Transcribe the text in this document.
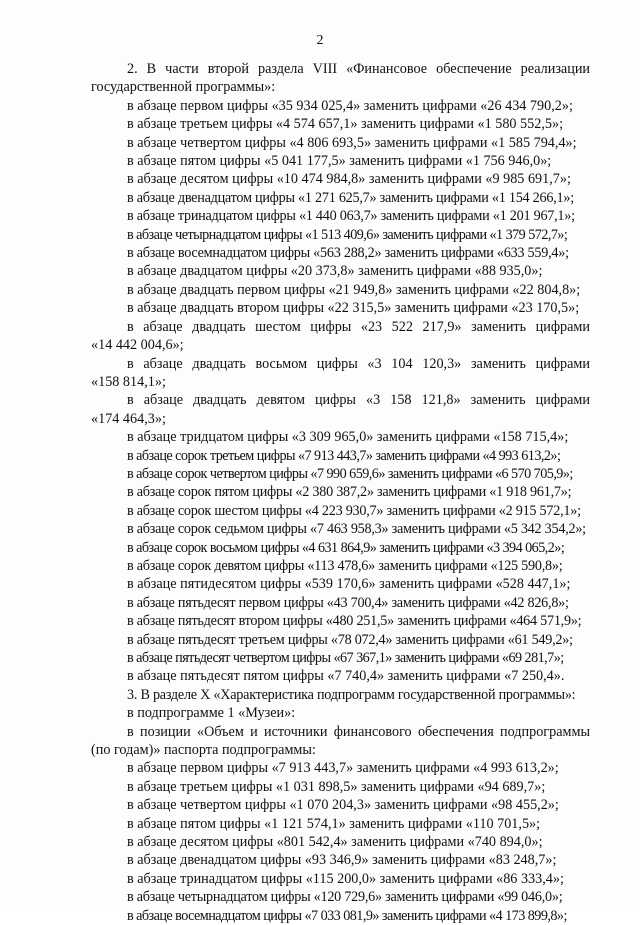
2
2. В части второй раздела VIII «Финансовое обеспечение реализации
государственной программы»:
в абзаце первом цифры «35 934 025,4» заменить цифрами «26 434 790,2»;
в абзаце третьем цифры «4 574 657,1» заменить цифрами «1 580 552,5»;
в абзаце четвертом цифры «4 806 693,5» заменить цифрами «1 585 794,4»;
в абзаце пятом цифры «5 041 177,5» заменить цифрами «1 756 946,0»;
в абзаце десятом цифры «10 474 984,8» заменить цифрами «9 985 691,7»;
в абзаце двенадцатом цифры «1 271 625,7» заменить цифрами «1 154 266,1»;
в абзаце тринадцатом цифры «1 440 063,7» заменить цифрами «1 201 967,1»;
в абзаце четырнадцатом цифры «1 513 409,6» заменить цифрами «1 379 572,7»;
в абзаце восемнадцатом цифры «563 288,2» заменить цифрами «633 559,4»;
в абзаце двадцатом цифры «20 373,8» заменить цифрами «88 935,0»;
в абзаце двадцать первом цифры «21 949,8» заменить цифрами «22 804,8»;
в абзаце двадцать втором цифры «22 315,5» заменить цифрами «23 170,5»;
в абзаце двадцать шестом цифры «23 522 217,9» заменить цифрами
«14 442 004,6»;
в абзаце двадцать восьмом цифры «3 104 120,3» заменить цифрами
«158 814,1»;
в абзаце двадцать девятом цифры «3 158 121,8» заменить цифрами
«174 464,3»;
в абзаце тридцатом цифры «3 309 965,0» заменить цифрами «158 715,4»;
в абзаце сорок третьем цифры «7 913 443,7» заменить цифрами «4 993 613,2»;
в абзаце сорок четвертом цифры «7 990 659,6» заменить цифрами «6 570 705,9»;
в абзаце сорок пятом цифры «2 380 387,2» заменить цифрами «1 918 961,7»;
в абзаце сорок шестом цифры «4 223 930,7» заменить цифрами «2 915 572,1»;
в абзаце сорок седьмом цифры «7 463 958,3» заменить цифрами «5 342 354,2»;
в абзаце сорок восьмом цифры «4 631 864,9» заменить цифрами «3 394 065,2»;
в абзаце сорок девятом цифры «113 478,6» заменить цифрами «125 590,8»;
в абзаце пятидесятом цифры «539 170,6» заменить цифрами «528 447,1»;
в абзаце пятьдесят первом цифры «43 700,4» заменить цифрами «42 826,8»;
в абзаце пятьдесят втором цифры «480 251,5» заменить цифрами «464 571,9»;
в абзаце пятьдесят третьем цифры «78 072,4» заменить цифрами «61 549,2»;
в абзаце пятьдесят четвертом цифры «67 367,1» заменить цифрами «69 281,7»;
в абзаце пятьдесят пятом цифры «7 740,4» заменить цифрами «7 250,4».
3. В разделе X «Характеристика подпрограмм государственной программы»:
в подпрограмме 1 «Музеи»:
в позиции «Объем и источники финансового обеспечения подпрограммы
(по годам)» паспорта подпрограммы:
в абзаце первом цифры «7 913 443,7» заменить цифрами «4 993 613,2»;
в абзаце третьем цифры «1 031 898,5» заменить цифрами «94 689,7»;
в абзаце четвертом цифры «1 070 204,3» заменить цифрами «98 455,2»;
в абзаце пятом цифры «1 121 574,1» заменить цифрами «110 701,5»;
в абзаце десятом цифры «801 542,4» заменить цифрами «740 894,0»;
в абзаце двенадцатом цифры «93 346,9» заменить цифрами «83 248,7»;
в абзаце тринадцатом цифры «115 200,0» заменить цифрами «86 333,4»;
в абзаце четырнадцатом цифры «120 729,6» заменить цифрами «99 046,0»;
в абзаце восемнадцатом цифры «7 033 081,9» заменить цифрами «4 173 899,8»;
